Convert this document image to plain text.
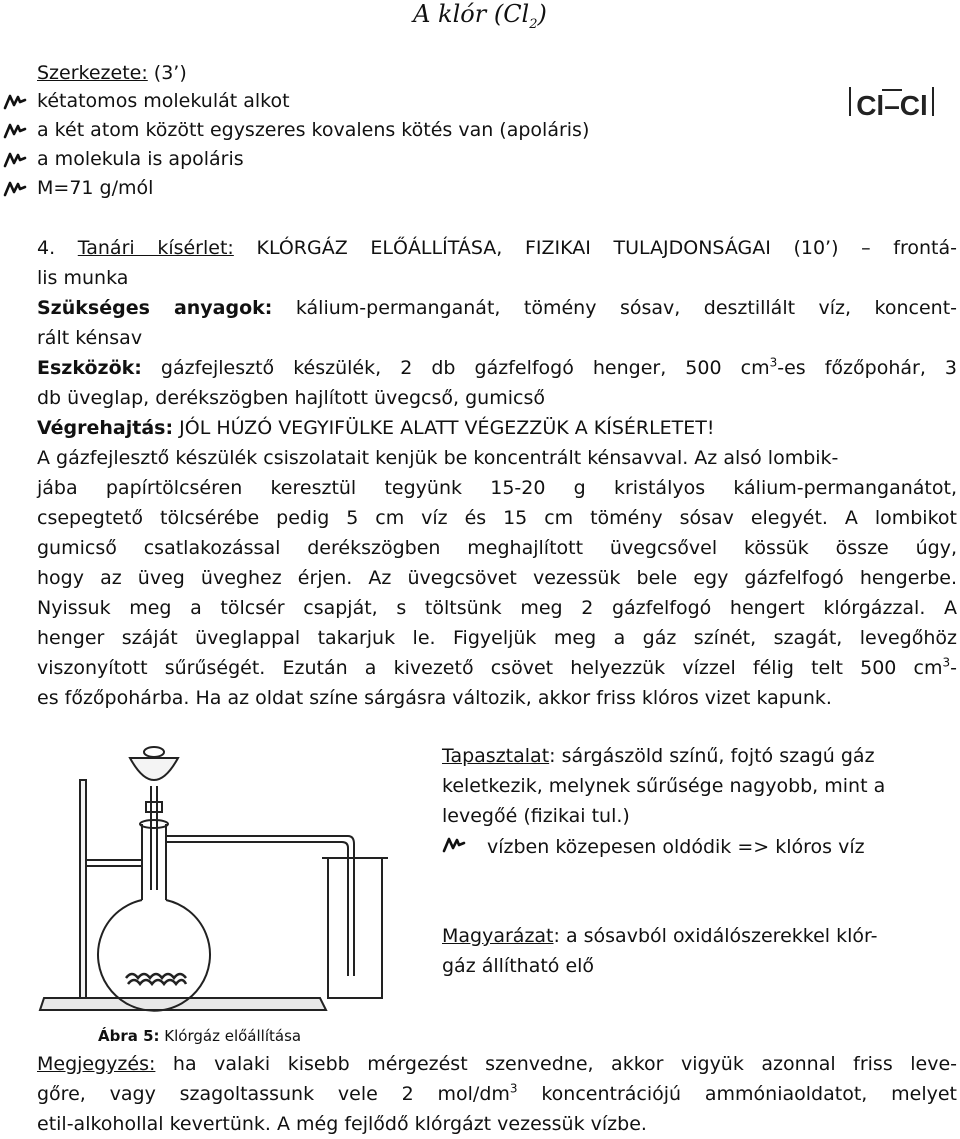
A klór $(Cl_2)$
Szerkezete: (3’)
kétatomos molekulát alkot
a két atom között egyszeres kovalens kötés van (apoláris)
a molekula is apoláris
M=71 g/mól
Cl–Cl
4. Tanári kísérlet: KLÓRGÁZ ELŐÁLLÍTÁSA, FIZIKAI TULAJDONSÁGAI (10’) – frontá-
lis munka
Szükséges anyagok: kálium-permanganát, tömény sósav, desztillált víz, koncent-
rált kénsav
Eszközök: gázfejlesztő készülék, 2 db gázfelfogó henger, 500 $cm^3-es$ főzőpohár, 3
db üveglap, derékszögben hajlított üvegcső, gumicső
Végrehajtás: JÓL HÚZÓ VEGYIFÜLKE ALATT VÉGEZZÜK A KÍSÉRLETET!
A gázfejlesztő készülék csiszolatait kenjük be koncentrált kénsavval. Az alsó lombik-
jába papírtölcséren keresztül tegyünk 15-20 g kristályos kálium-permanganátot,
csepegtető tölcsérébe pedig 5 cm víz és 15 cm tömény sósav elegyét. A lombikot
gumicső csatlakozással derékszögben meghajlított üvegcsővel kössük össze úgy,
hogy az üveg üveghez érjen. Az üvegcsövet vezessük bele egy gázfelfogó hengerbe.
Nyissuk meg a tölcsér csapját, s töltsünk meg 2 gázfelfogó hengert klórgázzal. A
henger száját üveglappal takarjuk le. Figyeljük meg a gáz színét, szagát, levegőhöz
viszonyított sűrűségét. Ezután a kivezető csövet helyezzük vízzel félig telt 500 $cm^3-$
es főzőpohárba. Ha az oldat színe sárgásra változik, akkor friss klóros vizet kapunk.
Ábra 5: Klórgáz előállítása
Tapasztalat: sárgászöld színű, fojtó szagú gáz
keletkezik, melynek sűrűsége nagyobb, mint a
levegőé (fizikai tul.)
vízben közepesen oldódik => klóros víz
Magyarázat: a sósavból oxidálószerekkel klór-
gáz állítható elő
Megjegyzés: ha valaki kisebb mérgezést szenvedne, akkor vigyük azonnal friss leve-
gőre, vagy szagoltassunk vele 2 mol/$dm^3$ koncentrációjú ammóniaoldatot, melyet
etil-alkohollal kevertünk. A még fejlődő klórgázt vezessük vízbe.
